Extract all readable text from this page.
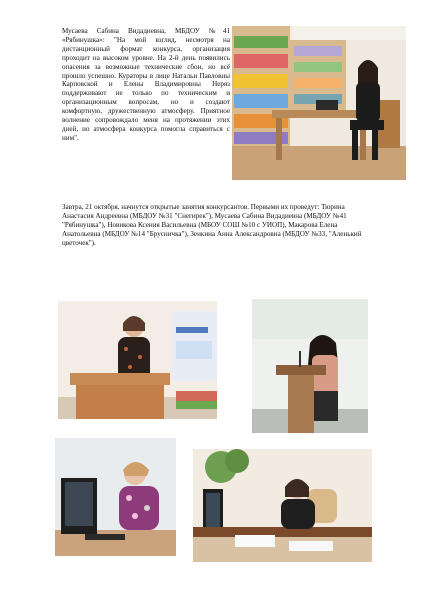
Мусаева Сабина Видадиевна, МБДОУ №41 «Рябинушка»: "На мой взгляд, несмотря на дистанционный формат конкурса, организация проходит на высоком уровне. На 2-й день появились опасения за возможные технические сбои, но всё прошло успешно. Кураторы в лице Натальи Павловны Карповской и Елены Владимировны Неряз поддерживают не только по техническим и организационным вопросам, но и создают комфортную, дружественную атмосферу. Приятное волнение сопровождало меня на протяжении этих дней, но атмосфера конкурса помогла справиться с ним".

Завтра, 21 октября, начнутся открытые занятия конкурсантов. Первыми их проведут: Тюрина Анастасия Андреевна (МБДОУ №31 "Снегирек"), Мусаева Сабина Видадиевна (МБДОУ №41 "Рябинушка"), Новикова Ксения Васильевна (МБОУ СОШ №10 с УИОП), Макарова Елена Анатольевна (МБДОУ №14 "Брусничка"), Зенкина Анна Александровна (МБДОУ №33, "Аленький цветочек").
